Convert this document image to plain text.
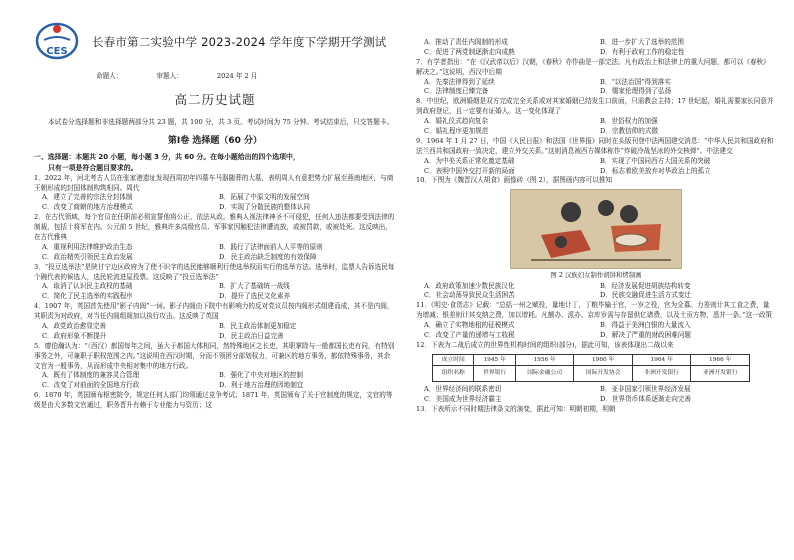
CES
长春市第二实验中学 2023-2024 学年度下学期开学测试
命题人：	审题人：	2024 年 2 月
高二历史试题
本试卷分选择题和非选择题两部分共 23 题，共 100 分，共 3 页。考试时间为 75 分钟。考试结束后，只交答题卡。
第Ⅰ卷 选择题（60 分）
一、选择题：本题共 20 小题，每小题 3 分，共 60 分。在每小题给出的四个选项中，
只有一项是符合题目要求的。
1．2022 年，河北考古人员在张家港遗址发现西周初年四墓车马器随葬的大墓，表明周人有意把势力扩展至燕南地区，与商王朝形成的封国体制构筑相同。周代
A．建立了完善的宗法分封体制	B．拓展了中原文明的发展空间
C．改变了商朝的地方治理模式	D．实现了分散民族的整体认同
2．在古代领域，每个官员在任职前必须宣誓他将公正、依法从政。雅典人视法律神圣不可侵犯，任何人违法都要受到法律的制裁，包括十将军在内。公元前 5 世纪，雅典许多高级官员、军事家因触犯法律遭流放，或被罚款，或被处死。这反映出，在古代雅典
A．重视利用法律维护政治生态	B．践行了法律面前人人平等的原则
C．政治精英引领民主政治发展	D．民主政治缺乏制度的有效保障
3．“投豆选举法”是陕甘宁边区政府为了使不识字的选民能够顺利行使选举权而实行的选举方法。选举时，监票人告诉选民每个碗代表的候选人，选民轮流进屋投票。这反映了“投豆选举法”
A．取消了认识民主政权的基础	B．扩大了基础统一战线
C．简化了民主选举的实践程序	D．提升了选民文化素养
4．1907 年，英国首先使用“影子内阁”一词。影子内阁由下院中有影响力的反对党议员按内阁形式组建而成，其不是内阁，其职责为对政府，对当任内阁组阁加以执行攻击。这反映了英国
A．政党政治愈显完善	B．民主政治体制更加稳定
C．政府形象不断提升	D．民主政治日益完善
5．廖伯瀚认为：“（西汉）都国每年之间，虽大于都国大体相同，然特殊地区之长吏，其职掌除与一般都国长吏有同，有特别事务之外，可兼职于职权范围之内。”这说明在西汉时期，分而不领团分部划权力，可兼区的地方事务，都依特殊事务，其余文官为一般事务，从而形成中央相对集中的地方行政。
A．既有了体制度的兼容灵合管理	B．强化了中央对地区的控制
C．改变了对前面的全国地方行政	D．利于地方治理的因地制宜
6．1870 年，英国颁布枢密院令，规定任何人部门均须通过竞争考试；1871 年，英国颁布了关于官制度的规定，文官的等级是由大多数文官通过，职务晋升有赖于专业能力与资历；这
A．推动了责任内阁制的形成	B．进一步扩大了选举的范围
C．促进了两党制逐渐走向成熟	D．有利于政府工作的稳定性
7．有学者指出：“在《汉武帝以后》汉朝，《春秋》亦作曲是一部完法。凡有政治上和法律上的重大问题，都可以《春秋》解决之。”这说明，西汉中后期
A．先秦法律得到了延续	B．“以法治国”得到落实
C．法律制度已臻完备	D．儒家伦理得到了弘扬
8．中世纪，欧洲婚姻是双方完成完全关系或对其家婚姻已结发生口前面，只需教会主持；17 世纪起，婚礼需要家长同意并到政府登记，且一定要有证婚人。这一变化体现了
A．婚礼仪式趋向复杂	B．世俗权力的加强
C．婚礼程序更加规范	D．宗教信仰的式微
9．1964 年 1 月 27 日，中国《人民日报》和法国《世界报》同时在头版刊登中法两国建交消息：“中华人民共和国政府和法兰西共和国政府一致决定，建立外交关系。”这则消息被西方媒体称作“炸破冷战坚冰的外交核弹”。中法建交
A．为中美关系正常化奠定基础	B．实现了中国同西方大国关系的突破
C．表明中国外交打开新的局面	D．标志着欧美放弃对华政治上的孤立
10．下图为《魏晋汉人胡食》画像砖（图 2），据图画内容可以推知
图 2 汉族妇女制作胡饼和烤制画
A．政府政策加速少数民族汉化	B．经济发展促进胡族结构转变
C．社会动荡导致民众生活困苦	D．民族交融促进生活方式变迁
11．《明史·食货志》记载：“总括一州之赋役，量地计丁，丁粮毕输于官，一岁之役，官为佥募。力差则计其工食之费，量为增减；银差则计其交纳之费，加以增耗。凡额办、派办、京库岁需与存留供亿诸费，以及土贡方物，悉并一条。”这一政策
A．确立了实物地租的征税模式	B．得益于美洲白银的大量流入
C．改变了产量的递增与工收税	D．解决了严重的财政困难问题
12．下表为二战后成立的世界性机构时间的组织(部分)，据此可知，该表体现出二战以来
成立时间	1945 年	1956 年	1960 年	1964 年	1966 年
组织名称	世界银行	国际金融公司	国际开发协会	非洲开发银行	亚洲开发银行
A．世界经济间的联系密切	B．亚非国家引领世界经济发展
C．美国成为世界经济霸主	D．世界货币体系逐渐走向完善
13．下表所示不同时期法律条文的演变，据此可知：明朝初期，明朝
